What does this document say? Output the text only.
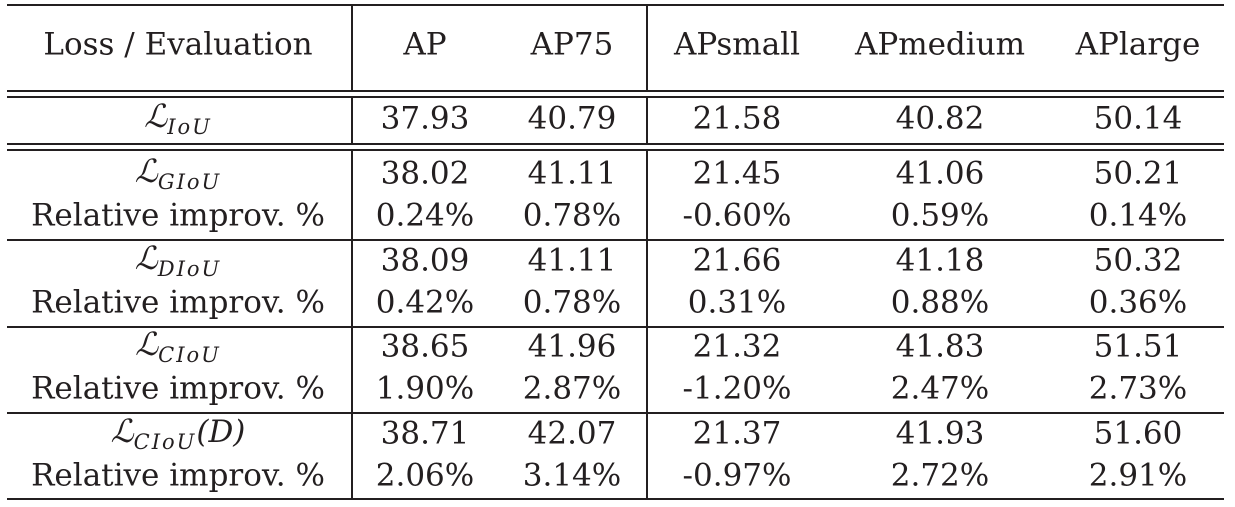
Loss / Evaluation	AP	AP75 APsmall APmedium APlarge
ℒ$_{IoU}$	37.93 40.79 21.58	40.82	50.14
ℒ$_{GIoU}$	38.02 41.11 21.45	41.06	50.21
Relative improv. % 0.24% 0.78% -0.60%	0.59%	0.14%
ℒ$_{DIoU}$	38.09 41.11 21.66	41.18	50.32
Relative improv. % 0.42% 0.78% 0.31%	0.88%	0.36%
ℒ$_{CIoU}$	38.65 41.96 21.32	41.83	51.51
Relative improv. % 1.90% 2.87% -1.20%	2.47%	2.73%
ℒ$_{CIoU}$(D)	38.71 42.07 21.37	41.93	51.60
Relative improv. % 2.06% 3.14% -0.97%	2.72%	2.91%
